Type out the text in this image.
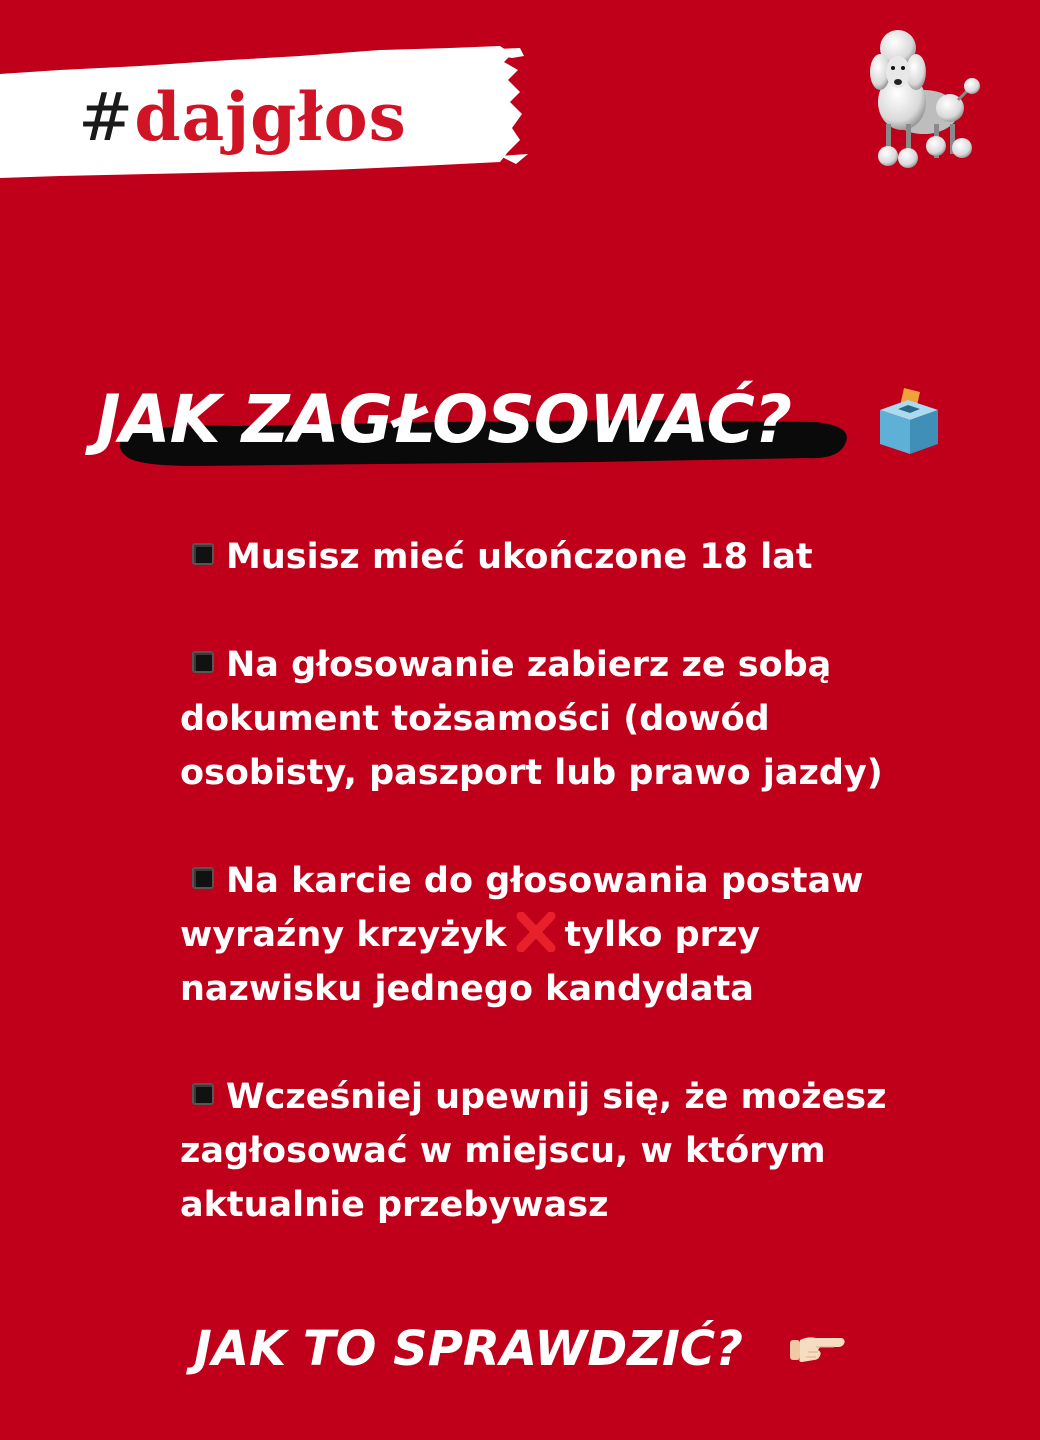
#dajgłos
JAK ZAGŁOSOWAĆ?

Musisz mieć ukończone 18 lat

Na głosowanie zabierz ze sobą dokument tożsamości (dowód osobisty, paszport lub prawo jazdy)

Na karcie do głosowania postaw wyraźny krzyżyk tylko przy nazwisku jednego kandydata

Wcześniej upewnij się, że możesz zagłosować w miejscu, w którym aktualnie przebywasz

JAK TO SPRAWDZIĆ?
